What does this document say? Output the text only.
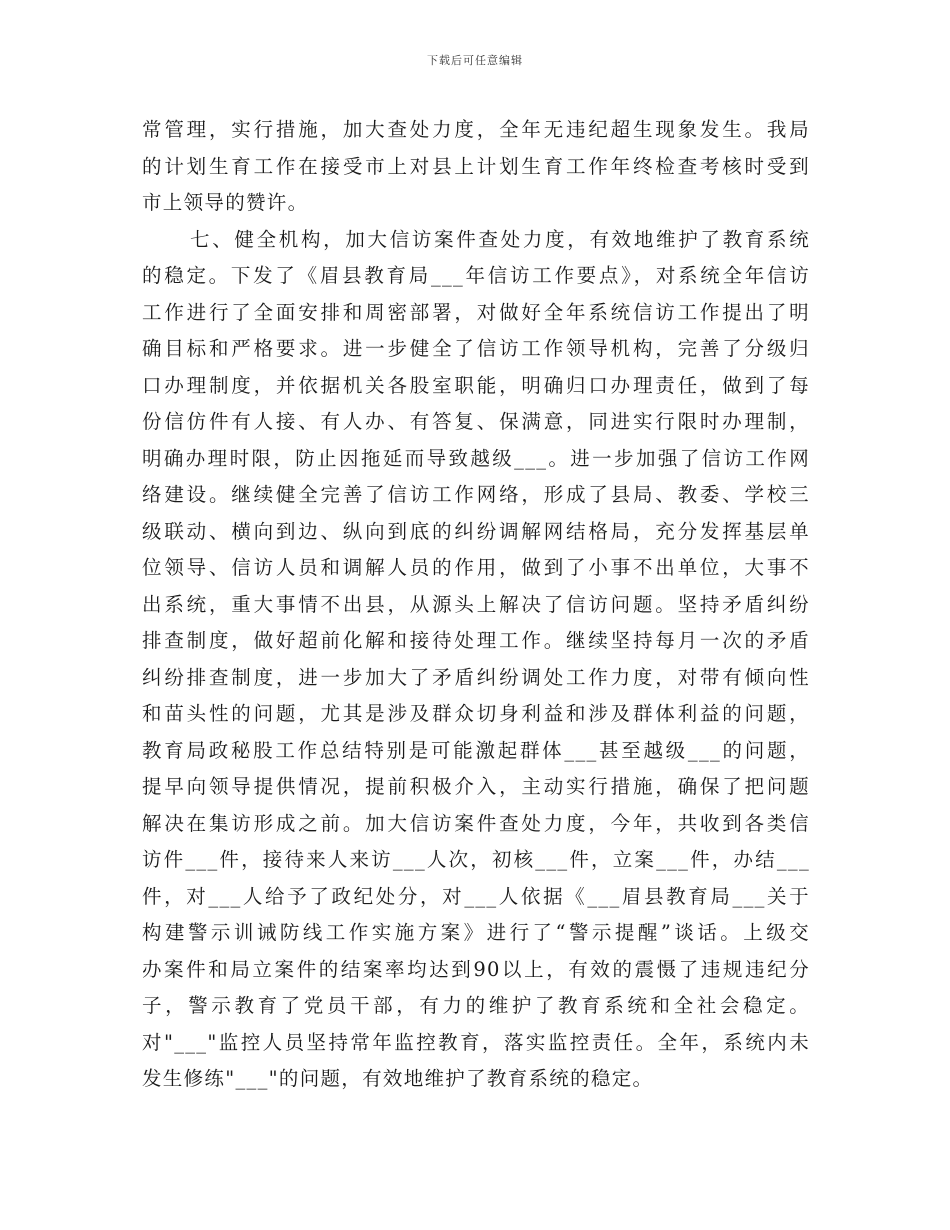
下载后可任意编辑
常管理，实行措施，加大查处力度，全年无违纪超生现象发生。我局
的计划生育工作在接受市上对县上计划生育工作年终检查考核时受到
市上领导的赞许。
七、健全机构，加大信访案件查处力度，有效地维护了教育系统
的稳定。下发了《眉县教育局___年信访工作要点》，对系统全年信访
工作进行了全面安排和周密部署，对做好全年系统信访工作提出了明
确目标和严格要求。进一步健全了信访工作领导机构，完善了分级归
口办理制度，并依据机关各股室职能，明确归口办理责任，做到了每
份信仿件有人接、有人办、有答复、保满意，同进实行限时办理制，
明确办理时限，防止因拖延而导致越级___。进一步加强了信访工作网
络建设。继续健全完善了信访工作网络，形成了县局、教委、学校三
级联动、横向到边、纵向到底的纠纷调解网结格局，充分发挥基层单
位领导、信访人员和调解人员的作用，做到了小事不出单位，大事不
出系统，重大事情不出县，从源头上解决了信访问题。坚持矛盾纠纷
排查制度，做好超前化解和接待处理工作。继续坚持每月一次的矛盾
纠纷排查制度，进一步加大了矛盾纠纷调处工作力度，对带有倾向性
和苗头性的问题，尤其是涉及群众切身利益和涉及群体利益的问题，
教育局政秘股工作总结特别是可能激起群体___甚至越级___的问题，
提早向领导提供情况，提前积极介入，主动实行措施，确保了把问题
解决在集访形成之前。加大信访案件查处力度，今年，共收到各类信
访件___件，接待来人来访___人次，初核___件，立案___件，办结___
件，对___人给予了政纪处分，对___人依据《___眉县教育局___关于
构建警示训诫防线工作实施方案》进行了“警示提醒”谈话。上级交
办案件和局立案件的结案率均达到90以上，有效的震慑了违规违纪分
子，警示教育了党员干部，有力的维护了教育系统和全社会稳定。
对"___"监控人员坚持常年监控教育，落实监控责任。全年，系统内未
发生修练"___"的问题，有效地维护了教育系统的稳定。
